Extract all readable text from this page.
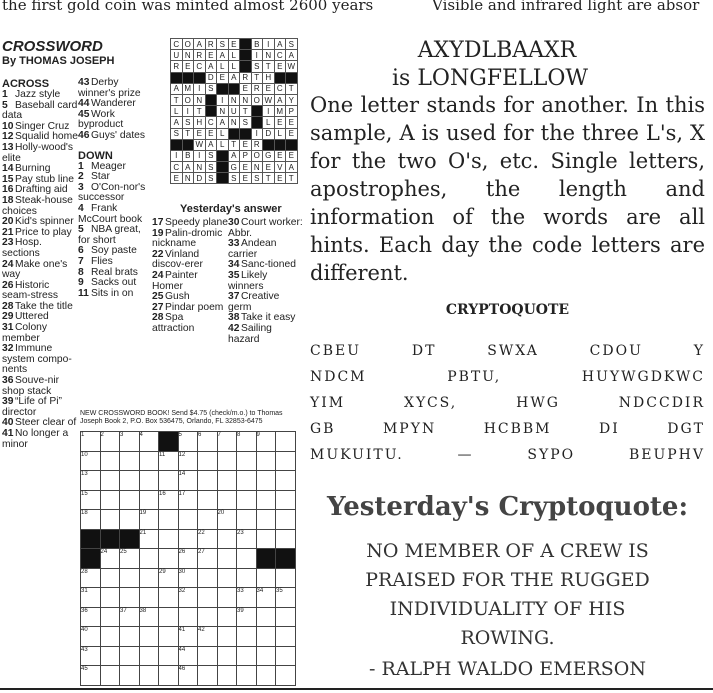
the first gold coin was minted almost 2600 years	Visible and infrared light are absor
CROSSWORD
By THOMAS JOSEPH
ACROSS
1 Jazz style
5 Baseball card data
10 Singer Cruz
12 Squalid home
13 Holly-wood's elite
14 Burning
15 Pay stub line
16 Drafting aid
18 Steak-house choices
20 Kid's spinner
21 Price to play
23 Hosp. sections
24 Make one's way
26 Historic seam-stress
28 Take the title
29 Uttered
31 Colony member
32 Immune system compo-nents
36 Souve-nir shop stack
39 “Life of Pi” director
40 Steer clear of
41 No longer a minor
43 Derby winner's prize
44 Wanderer
45 Work byproduct
46 Guys' dates
DOWN
1 Meager
2 Star
3 O'Con-nor's successor
4 Frank McCourt book
5 NBA great, for short
6 Soy paste
7 Flies
8 Real brats
9 Sacks out
11 Sits in on
17 Speedy plane
19 Palin-dromic nickname
22 Vinland discov-erer
24 Painter Homer
25 Gush
27 Pindar poem
28 Spa attraction
30 Court worker: Abbr.
33 Andean carrier
34 Sanc-tioned
35 Likely winners
37 Creative germ
38 Take it easy
42 Sailing hazard
C	O	A	R	S	E		B	I	A	S
U	N	R	E	A	L		I	N	C	A
R	E	C	A	L	L		S	T	E	W
			D	E	A	R	T	H		
A	M	I	S			E	R	E	C	T
T	O	N		I	N	N	O	W	A	Y
L	I	T		N	U	T		I	M	P
A	S	H	C	A	N	S		L	E	E
S	T	E	E	L			I	D	L	E
		W	A	L	T	E	R			
I	B	I	S		A	P	O	G	E	E
C	A	N	S		G	E	N	E	V	A
E	N	D	S		S	E	S	T	E	T
Yesterday's answer
NEW CROSSWORD BOOK! Send $4.75 (check/m.o.) to Thomas Joseph Book 2, P.O. Box 536475, Orlando, FL 32853-6475
1	2	3	4		5	6	7	8	9	
10				11	12					
13					14					
15				16	17					
18			19				20			
			21			22		23		
	24	25			26	27				
28				29	30					
31					32			33	34	35
36		37	38					39		
40					41	42				
43					44					
45					46					
AXYDLBAAXR
is LONGFELLOW
One letter stands for another. In this sample, A is used for the three L's, X for the two O's, etc. Single letters, apostrophes, the length and information of the words are all hints. Each day the code letters are different.
CRYPTOQUOTE
CBEU DT SWXA CDOU Y
NDCM PBTU, HUYWGDKWC
YIM XYCS, HWG NDCCDIR
GB MPYN HCBBM DI DGT
MUKUITU. — SYPO BEUPHV
Yesterday's Cryptoquote:
NO MEMBER OF A CREW IS
PRAISED FOR THE RUGGED
INDIVIDUALITY OF HIS
ROWING.
- RALPH WALDO EMERSON
